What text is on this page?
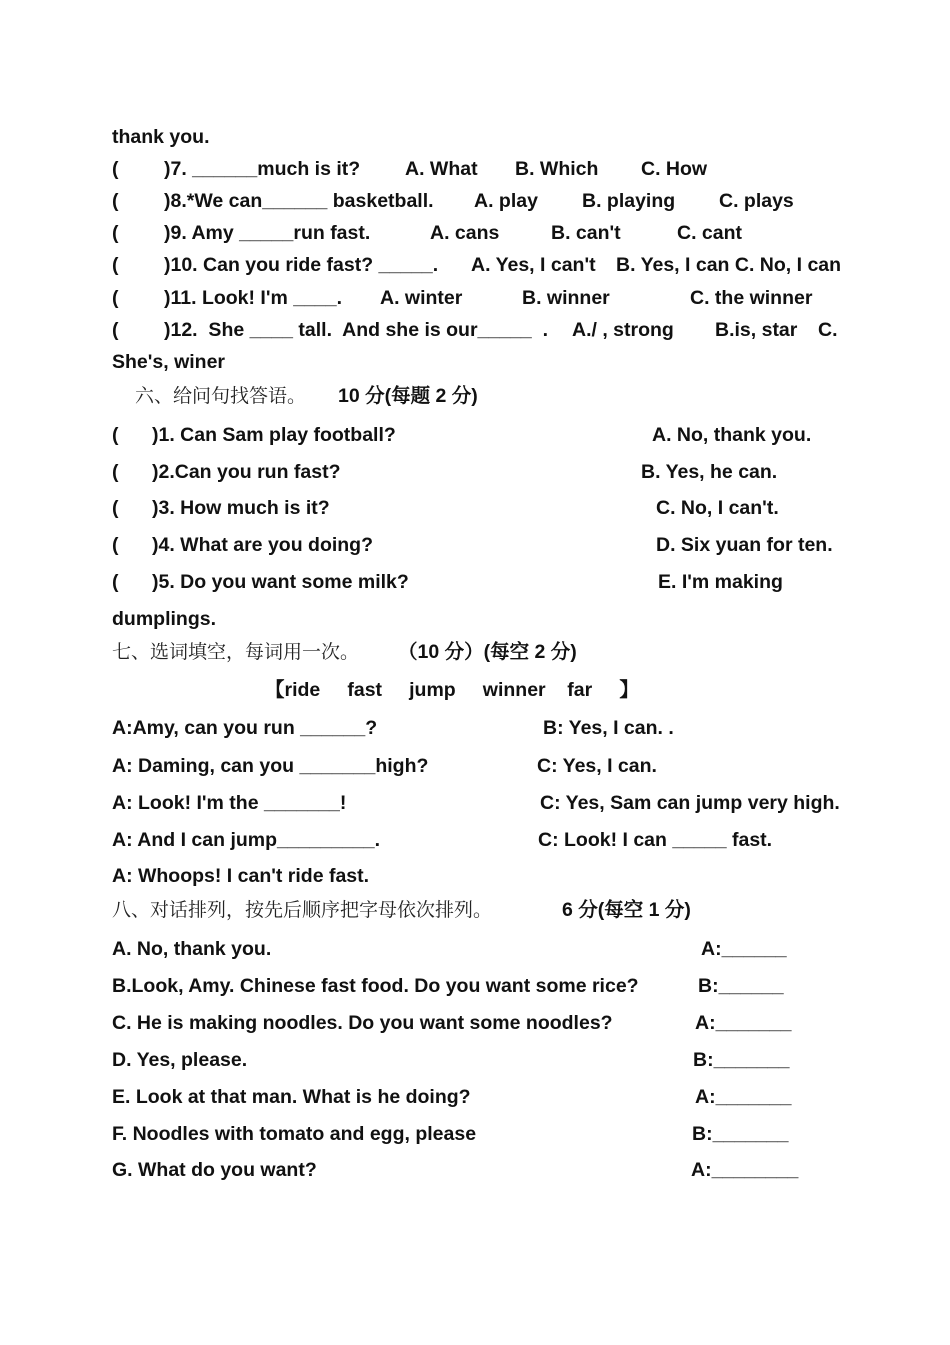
thank you.
( )7. ______much is it? A. What B. Which C. How
( )8.*We can______ basketball. A. play B. playing C. plays
( )9. Amy _____run fast.	A. cans	B. can't	C. cant
( )10. Can you ride fast? _____. A. Yes, I can't B. Yes, I can C. No, I can
( )11. Look! I'm ____. A. winter	B. winner	C. the winner
( )12.  She ____ tall.  And she is our_____  . A./ , strong B.is, star C.
She's, winer
六、给问句找答语。 10 分(每题 2 分)
( )1. Can Sam play football?	A. No, thank you.
( )2.Can you run fast?	B. Yes, he can.
( )3. How much is it?	C. No, I can't.
( )4. What are you doing?	D. Six yuan for ten.
( )5. Do you want some milk?	E. I'm making
dumplings.
七、选词填空，每词用一次。 （10 分）(每空 2 分)
【ride     fast     jump     winner    far     】
A:Amy, can you run ______?	B: Yes, I can. .
A: Daming, can you _______high?	C: Yes, I can.
A: Look! I'm the _______!	C: Yes, Sam can jump very high.
A: And I can jump_________.	C: Look! I can _____ fast.
A: Whoops! I can't ride fast.
八、对话排列，按先后顺序把字母依次排列。	6 分(每空 1 分)
A. No, thank you.	A:______
B.Look, Amy. Chinese fast food. Do you want some rice?	B:______
C. He is making noodles. Do you want some noodles?	A:_______
D. Yes, please.	B:_______
E. Look at that man. What is he doing?	A:_______
F. Noodles with tomato and egg, please	B:_______
G. What do you want?	A:________
